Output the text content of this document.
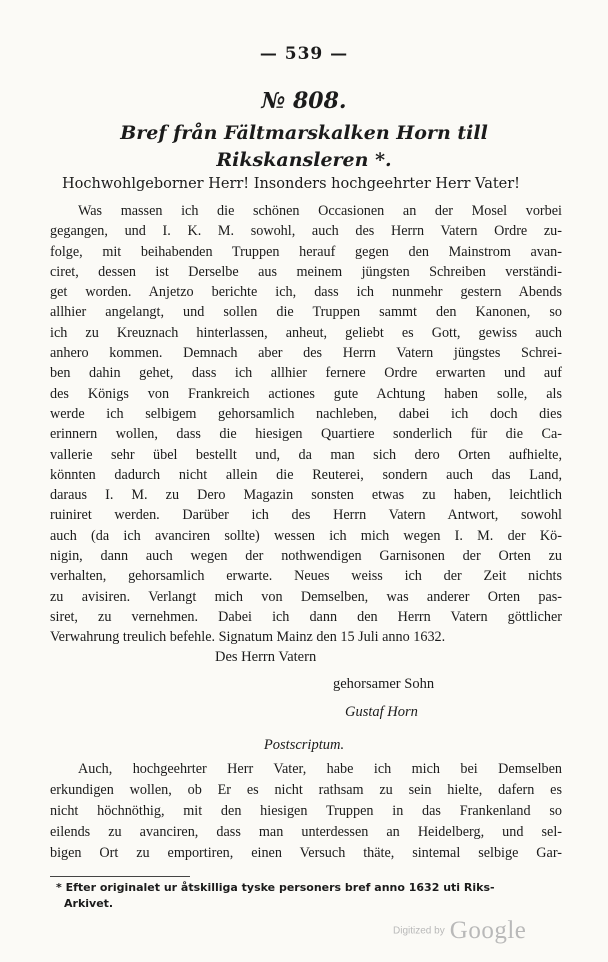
— 539 —
№ 808.
Bref från Fältmarskalken Horn till
Rikskansleren *.
Hochwohlgeborner Herr! Insonders hochgeehrter Herr Vater!
Was massen ich die schönen Occasionen an der Mosel vorbei
gegangen, und I. K. M. sowohl, auch des Herrn Vatern Ordre zu-
folge, mit beihabenden Truppen herauf gegen den Mainstrom avan-
ciret, dessen ist Derselbe aus meinem jüngsten Schreiben verständi-
get worden. Anjetzo berichte ich, dass ich nunmehr gestern Abends
allhier angelangt, und sollen die Truppen sammt den Kanonen, so
ich zu Kreuznach hinterlassen, anheut, geliebt es Gott, gewiss auch
anhero kommen. Demnach aber des Herrn Vatern jüngstes Schrei-
ben dahin gehet, dass ich allhier fernere Ordre erwarten und auf
des Königs von Frankreich actiones gute Achtung haben solle, als
werde ich selbigem gehorsamlich nachleben, dabei ich doch dies
erinnern wollen, dass die hiesigen Quartiere sonderlich für die Ca-
vallerie sehr übel bestellt und, da man sich dero Orten aufhielte,
könnten dadurch nicht allein die Reuterei, sondern auch das Land,
daraus I. M. zu Dero Magazin sonsten etwas zu haben, leichtlich
ruiniret werden. Darüber ich des Herrn Vatern Antwort, sowohl
auch (da ich avanciren sollte) wessen ich mich wegen I. M. der Kö-
nigin, dann auch wegen der nothwendigen Garnisonen der Orten zu
verhalten, gehorsamlich erwarte. Neues weiss ich der Zeit nichts
zu avisiren. Verlangt mich von Demselben, was anderer Orten pas-
siret, zu vernehmen. Dabei ich dann den Herrn Vatern göttlicher
Verwahrung treulich befehle. Signatum Mainz den 15 Juli anno 1632.
Des Herrn Vatern
gehorsamer Sohn
Gustaf Horn
Postscriptum.
Auch, hochgeehrter Herr Vater, habe ich mich bei Demselben
erkundigen wollen, ob Er es nicht rathsam zu sein hielte, dafern es
nicht höchnöthig, mit den hiesigen Truppen in das Frankenland so
eilends zu avanciren, dass man unterdessen an Heidelberg, und sel-
bigen Ort zu emportiren, einen Versuch thäte, sintemal selbige Gar-
* Efter originalet ur åtskilliga tyske personers bref anno 1632 uti Riks-
Arkivet.
Digitized by Google
